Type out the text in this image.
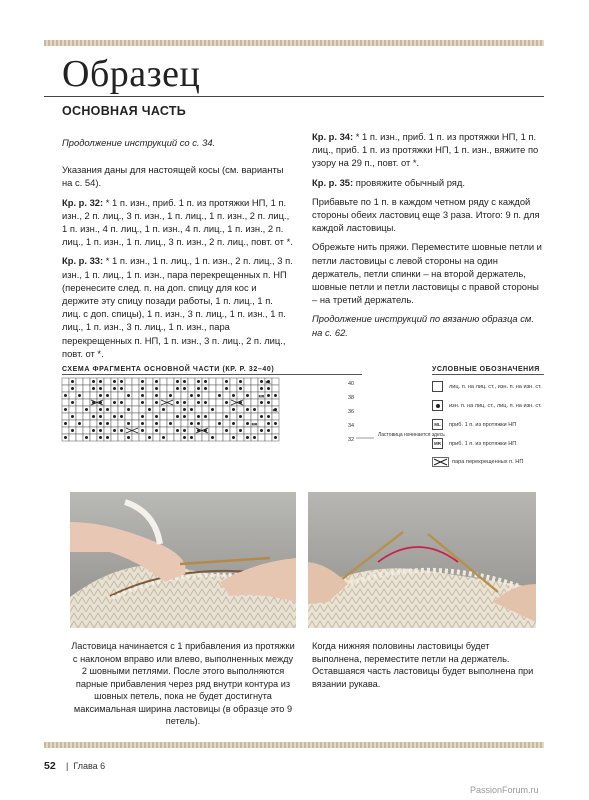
Образец
ОСНОВНАЯ ЧАСТЬ

Продолжение инструкций со с. 34.

Указания даны для настоящей косы (см. варианты на с. 54).

Кр. р. 32: * 1 п. изн., приб. 1 п. из протяжки НП, 1 п. изн., 2 п. лиц., 3 п. изн., 1 п. лиц., 1 п. изн., 2 п. лиц., 1 п. изн., 4 п. лиц., 1 п. изн., 4 п. лиц., 1 п. изн., 2 п. лиц., 1 п. изн., 1 п. лиц., 3 п. изн., 2 п. лиц., повт. от *.

Кр. р. 33: * 1 п. изн., 1 п. лиц., 1 п. изн., 2 п. лиц., 3 п. изн., 1 п. лиц., 1 п. изн., пара перекрещенных п. НП (перенесите след. п. на доп. спицу для кос и держите эту спицу позади работы, 1 п. лиц., 1 п. лиц. с доп. спицы), 1 п. изн., 3 п. лиц., 1 п. изн., 1 п. лиц., 1 п. изн., 3 п. лиц., 1 п. изн., пара перекрещенных п. НП, 1 п. изн., 3 п. лиц., 2 п. лиц., повт. от *.

Кр. р. 34: * 1 п. изн., приб. 1 п. из протяжки НП, 1 п. лиц., приб. 1 п. из протяжки НП, 1 п. изн., вяжите по узору на 29 п., повт. от *.

Кр. р. 35: провяжите обычный ряд.

Прибавьте по 1 п. в каждом четном ряду с каждой стороны обеих ластовиц еще 3 раза. Итого: 9 п. для каждой ластовицы.

Обрежьте нить пряжи. Переместите шовные петли и петли ластовицы с левой стороны на один держатель, петли спинки – на второй держатель, шовные петли и петли ластовицы с правой стороны – на третий держатель.

Продолжение инструкций по вязанию образца см. на с. 62.

СХЕМА ФРАГМЕНТА ОСНОВНОЙ ЧАСТИ (КР. Р. 32–40)
ML
MR
ML
MR
40
38
36
34
32
Ластовица начинается здесь
УСЛОВНЫЕ ОБОЗНАЧЕНИЯ
лиц. п. на лиц. ст., изн. п. на изн. ст.
изн. п. на лиц. ст., лиц. п. на изн. ст.
ML	приб. 1 п. из протяжки НП
MR	приб. 1 п. из протяжки НП
пара перекрещенных п. НП
Ластовица начинается с 1 прибавления из протяжки с наклоном вправо или влево, выполненных между 2 шовными петлями. После этого выполняются парные прибавления через ряд внутри контура из шовных петель, пока не будет достигнута максимальная ширина ластовицы (в образце это 9 петель).
Когда нижняя половины ластовицы будет выполнена, переместите петли на держатель. Оставшаяся часть ластовицы будет выполнена при вязании рукава.
52 |  Глава 6
PassionForum.ru
